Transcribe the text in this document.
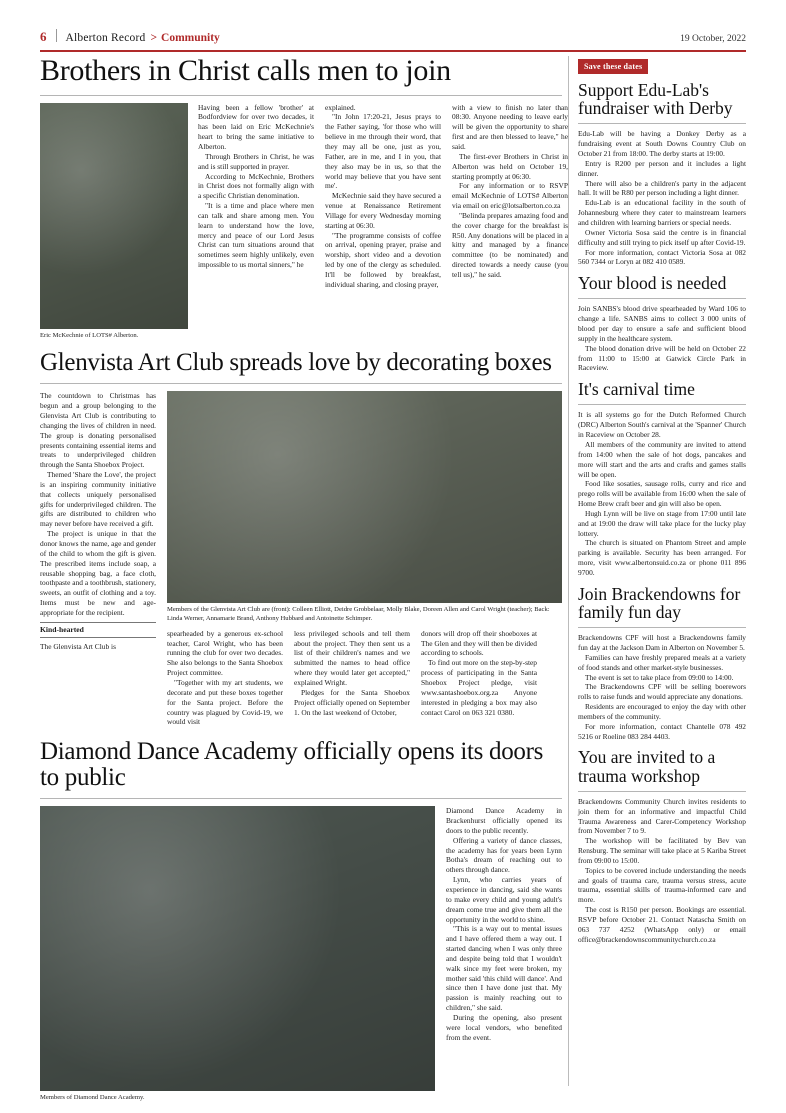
6 Alberton Record > Community	19 October, 2022
Brothers in Christ calls men to join
Eric McKechnie of LOTS# Alberton.

Having been a fellow 'brother' at Bodfordview for over two decades, it has been laid on Eric McKechnie's heart to bring the same initiative to Alberton.

Through Brothers in Christ, he was and is still supported in prayer.

According to McKechnie, Brothers in Christ does not formally align with a specific Christian denomination.

"It is a time and place where men can talk and share among men. You learn to understand how the love, mercy and peace of our Lord Jesus Christ can turn situations around that sometimes seem highly unlikely, even impossible to us mortal sinners," he

explained.

"In John 17:20-21, Jesus prays to the Father saying, 'for those who will believe in me through their word, that they may all be one, just as you, Father, are in me, and I in you, that they also may be in us, so that the world may believe that you have sent me'.

McKechnie said they have secured a venue at Renaissance Retirement Village for every Wednesday morning starting at 06:30.

"The programme consists of coffee on arrival, opening prayer, praise and worship, short video and a devotion led by one of the clergy as scheduled. It'll be followed by breakfast, individual sharing, and closing prayer,

with a view to finish no later than 08:30. Anyone needing to leave early will be given the opportunity to share first and are then blessed to leave," he said.

The first-ever Brothers in Christ in Alberton was held on October 19, starting promptly at 06:30.

For any information or to RSVP email McKechnie of LOTS# Alberton via email on eric@lotsalberton.co.za

"Belinda prepares amazing food and the cover charge for the breakfast is R50. Any donations will be placed in a kitty and managed by a finance committee (to be nominated) and directed towards a needy cause (you tell us)," he said.

Glenvista Art Club spreads love by decorating boxes

The countdown to Christmas has begun and a group belonging to the Glenvista Art Club is contributing to changing the lives of children in need. The group is donating personalised presents containing essential items and treats to underprivileged children through the Santa Shoebox Project.

Themed 'Share the Love', the project is an inspiring community initiative that collects uniquely personalised gifts for underprivileged children. The gifts are distributed to children who may never before have received a gift.

The project is unique in that the donor knows the name, age and gender of the child to whom the gift is given. The prescribed items include soap, a reusable shopping bag, a face cloth, toothpaste and a toothbrush, stationery, sweets, an outfit of clothing and a toy. Items must be new and age-appropriate for the recipient.

Kind-hearted

The Glenvista Art Club is

Members of the Glenvista Art Club are (front): Colleen Elliott, Deidre Grobbelaar, Molly Blake, Doreen Allen and Carol Wright (teacher); Back: Linda Werner, Annamarie Brand, Anthony Hubbard and Antoinette Schimper.

spearheaded by a generous ex-school teacher, Carol Wright, who has been running the club for over two decades. She also belongs to the Santa Shoebox Project committee.

"Together with my art students, we decorate and put these boxes together for the Santa project. Before the country was plagued by Covid-19, we would visit

less privileged schools and tell them about the project. They then sent us a list of their children's names and we submitted the names to head office where they would later get accepted," explained Wright.

Pledges for the Santa Shoebox Project officially opened on September 1. On the last weekend of October,

donors will drop off their shoeboxes at The Glen and they will then be divided according to schools.

To find out more on the step-by-step process of participating in the Santa Shoebox Project pledge, visit www.santashoebox.org.za Anyone interested in pledging a box may also contact Carol on 063 321 0380.

Diamond Dance Academy officially opens its doors to public
Members of Diamond Dance Academy.

Diamond Dance Academy in Brackenhurst officially opened its doors to the public recently.

Offering a variety of dance classes, the academy has for years been Lynn Botha's dream of reaching out to others through dance.

Lynn, who carries years of experience in dancing, said she wants to make every child and young adult's dream come true and give them all the opportunity in the world to shine.

"This is a way out to mental issues and I have offered them a way out. I started dancing when I was only three and despite being told that I wouldn't walk since my feet were broken, my mother said 'this child will dance'. And since then I have done just that. My passion is mainly reaching out to children," she said.

During the opening, also present were local vendors, who benefited from the event.

Save these dates
Support Edu-Lab's fundraiser with Derby

Edu-Lab will be having a Donkey Derby as a fundraising event at South Downs Country Club on October 21 from 18:00. The derby starts at 19:00.

Entry is R200 per person and it includes a light dinner.

There will also be a children's party in the adjacent hall. It will be R80 per person including a light dinner.

Edu-Lab is an educational facility in the south of Johannesburg where they cater to mainstream learners and children with learning barriers or special needs.

Owner Victoria Sosa said the centre is in financial difficulty and still trying to pick itself up after Covid-19.

For more information, contact Victoria Sosa at 082 560 7344 or Loryn at 082 410 0589.

Your blood is needed

Join SANBS's blood drive spearheaded by Ward 106 to change a life. SANBS aims to collect 3 000 units of blood per day to ensure a safe and sufficient blood supply in the healthcare system.

The blood donation drive will be held on October 22 from 11:00 to 15:00 at Gatwick Circle Park in Raceview.

It's carnival time

It is all systems go for the Dutch Reformed Church (DRC) Alberton South's carnival at the 'Spanner' Church in Raceview on October 28.

All members of the community are invited to attend from 14:00 when the sale of hot dogs, pancakes and more will start and the arts and crafts and games stalls will be open.

Food like sosaties, sausage rolls, curry and rice and prego rolls will be available from 16:00 when the sale of Home Brew craft beer and gin will also be open.

Hugh Lynn will be live on stage from 17:00 until late and at 19:00 the draw will take place for the lucky play lottery.

The church is situated on Phantom Street and ample parking is available. Security has been arranged. For more, visit www.albertonsuid.co.za or phone 011 896 9700.

Join Brackendowns for family fun day

Brackendowns CPF will host a Brackendowns family fun day at the Jackson Dam in Alberton on November 5.

Families can have freshly prepared meals at a variety of food stands and other market-style businesses.

The event is set to take place from 09:00 to 14:00.

The Brackendowns CPF will be selling boerewors rolls to raise funds and would appreciate any donations.

Residents are encouraged to enjoy the day with other members of the community.

For more information, contact Chantelle 078 492 5216 or Roeline 083 284 4403.

You are invited to a trauma workshop

Brackendowns Community Church invites residents to join them for an informative and impactful Child Trauma Awareness and Carer-Competency Workshop from November 7 to 9.

The workshop will be facilitated by Bev van Rensburg. The seminar will take place at 5 Kariba Street from 09:00 to 15:00.

Topics to be covered include understanding the needs and goals of trauma care, trauma versus stress, acute trauma, essential skills of trauma-informed care and more.

The cost is R150 per person. Bookings are essential. RSVP before October 21. Contact Natascha Smith on 063 737 4252 (WhatsApp only) or email office@brackendownscommunitychurch.co.za
